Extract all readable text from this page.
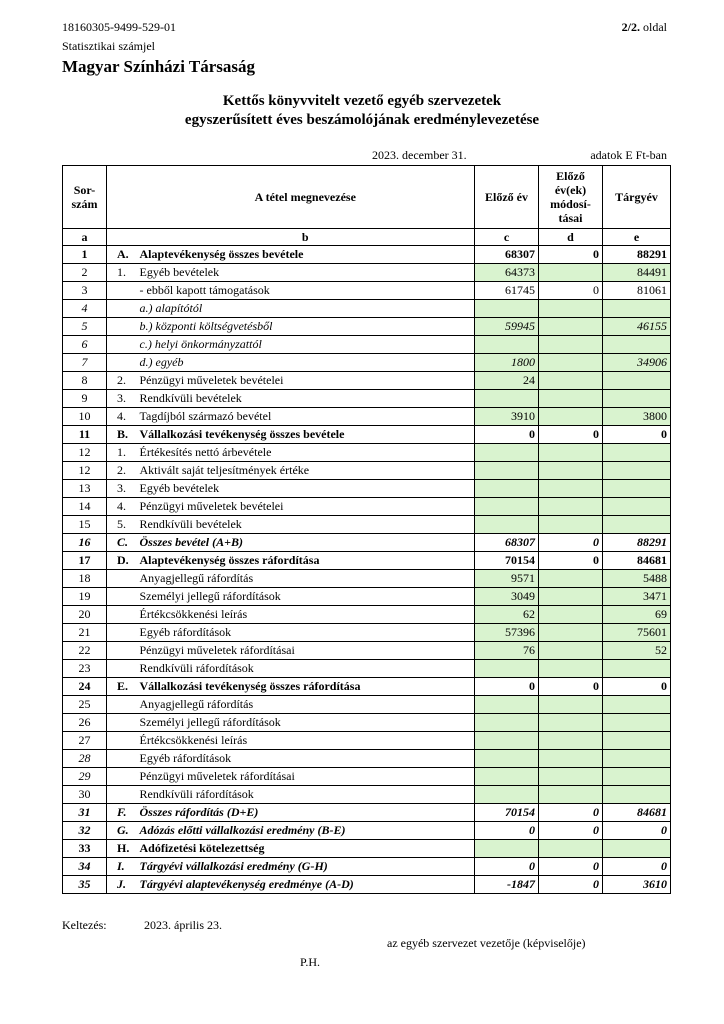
18160305-9499-529-01	2/2. oldal
Statisztikai számjel
Magyar Színházi Társaság
Kettős könyvvitelt vezető egyéb szervezetek
egyszerűsített éves beszámolójának eredménylevezetése
2023. december 31.	adatok E Ft-ban
Sor-szám		A tétel megnevezése	Előző év	Előző év(ek) módosí-tásai	Tárgyév
a		b	c	d	e
1	A.	Alaptevékenység összes bevétele	68307	0	88291
2	1.	Egyéb bevételek	64373		84491
3		- ebből kapott támogatások	61745	0	81061
4		a.) alapítótól			
5		b.) központi költségvetésből	59945		46155
6		c.) helyi önkormányzattól			
7		d.) egyéb	1800		34906
8	2.	Pénzügyi műveletek bevételei	24		
9	3.	Rendkívüli bevételek			
10	4.	Tagdíjból származó bevétel	3910		3800
11	B.	Vállalkozási tevékenység összes bevétele	0	0	0
12	1.	Értékesítés nettó árbevétele			
12	2.	Aktivált saját teljesítmények értéke			
13	3.	Egyéb bevételek			
14	4.	Pénzügyi műveletek bevételei			
15	5.	Rendkívüli bevételek			
16	C.	Összes bevétel (A+B)	68307	0	88291
17	D.	Alaptevékenység összes ráfordítása	70154	0	84681
18		Anyagjellegű ráfordítás	9571		5488
19		Személyi jellegű ráfordítások	3049		3471
20		Értékcsökkenési leírás	62		69
21		Egyéb ráfordítások	57396		75601
22		Pénzügyi műveletek ráfordításai	76		52
23		Rendkívüli ráfordítások			
24	E.	Vállalkozási tevékenység összes ráfordítása	0	0	0
25		Anyagjellegű ráfordítás			
26		Személyi jellegű ráfordítások			
27		Értékcsökkenési leírás			
28		Egyéb ráfordítások			
29		Pénzügyi műveletek ráfordításai			
30		Rendkívüli ráfordítások			
31	F.	Összes ráfordítás (D+E)	70154	0	84681
32	G.	Adózás előtti vállalkozási eredmény (B-E)	0	0	0
33	H.	Adófizetési kötelezettség			
34	I.	Tárgyévi vállalkozási eredmény (G-H)	0	0	0
35	J.	Tárgyévi alaptevékenység eredménye (A-D)	-1847	0	3610
Keltezés:	2023. április 23.
az egyéb szervezet vezetője (képviselője)
P.H.
